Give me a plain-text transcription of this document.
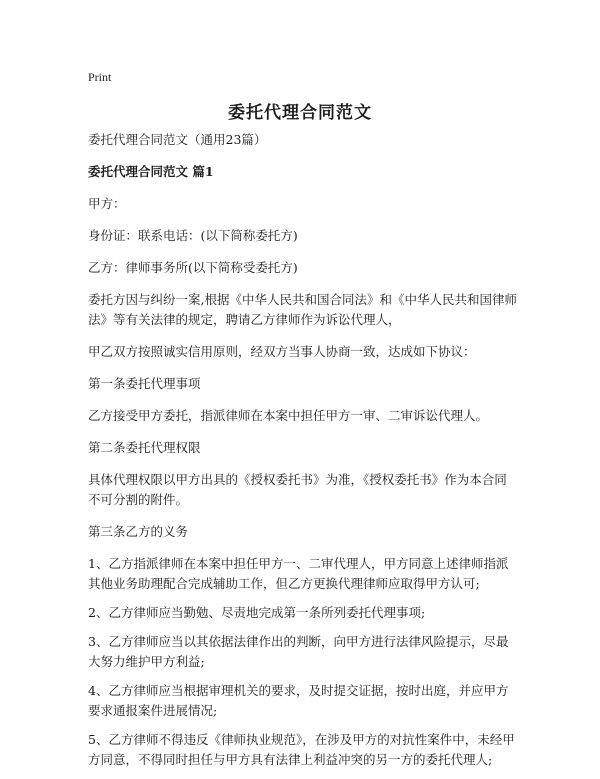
Print
委托代理合同范文

委托代理合同范文（通用23篇）

委托代理合同范文 篇1

甲方：

身份证：联系电话：(以下简称委托方)

乙方：律师事务所(以下简称受委托方)

委托方因与纠纷一案,根据《中华人民共和国合同法》和《中华人民共和国律师法》等有关法律的规定，聘请乙方律师作为诉讼代理人，

甲乙双方按照诚实信用原则，经双方当事人协商一致，达成如下协议：

第一条委托代理事项

乙方接受甲方委托，指派律师在本案中担任甲方一审、二审诉讼代理人。

第二条委托代理权限

具体代理权限以甲方出具的《授权委托书》为准，《授权委托书》作为本合同不可分割的附件。

第三条乙方的义务

1、乙方指派律师在本案中担任甲方一、二审代理人，甲方同意上述律师指派其他业务助理配合完成辅助工作，但乙方更换代理律师应取得甲方认可;

2、乙方律师应当勤勉、尽责地完成第一条所列委托代理事项;

3、乙方律师应当以其依据法律作出的判断，向甲方进行法律风险提示，尽最大努力维护甲方利益;

4、乙方律师应当根据审理机关的要求，及时提交证据，按时出庭，并应甲方要求通报案件进展情况;

5、乙方律师不得违反《律师执业规范》，在涉及甲方的对抗性案件中，未经甲方同意，不得同时担任与甲方具有法律上利益冲突的另一方的委托代理人;
